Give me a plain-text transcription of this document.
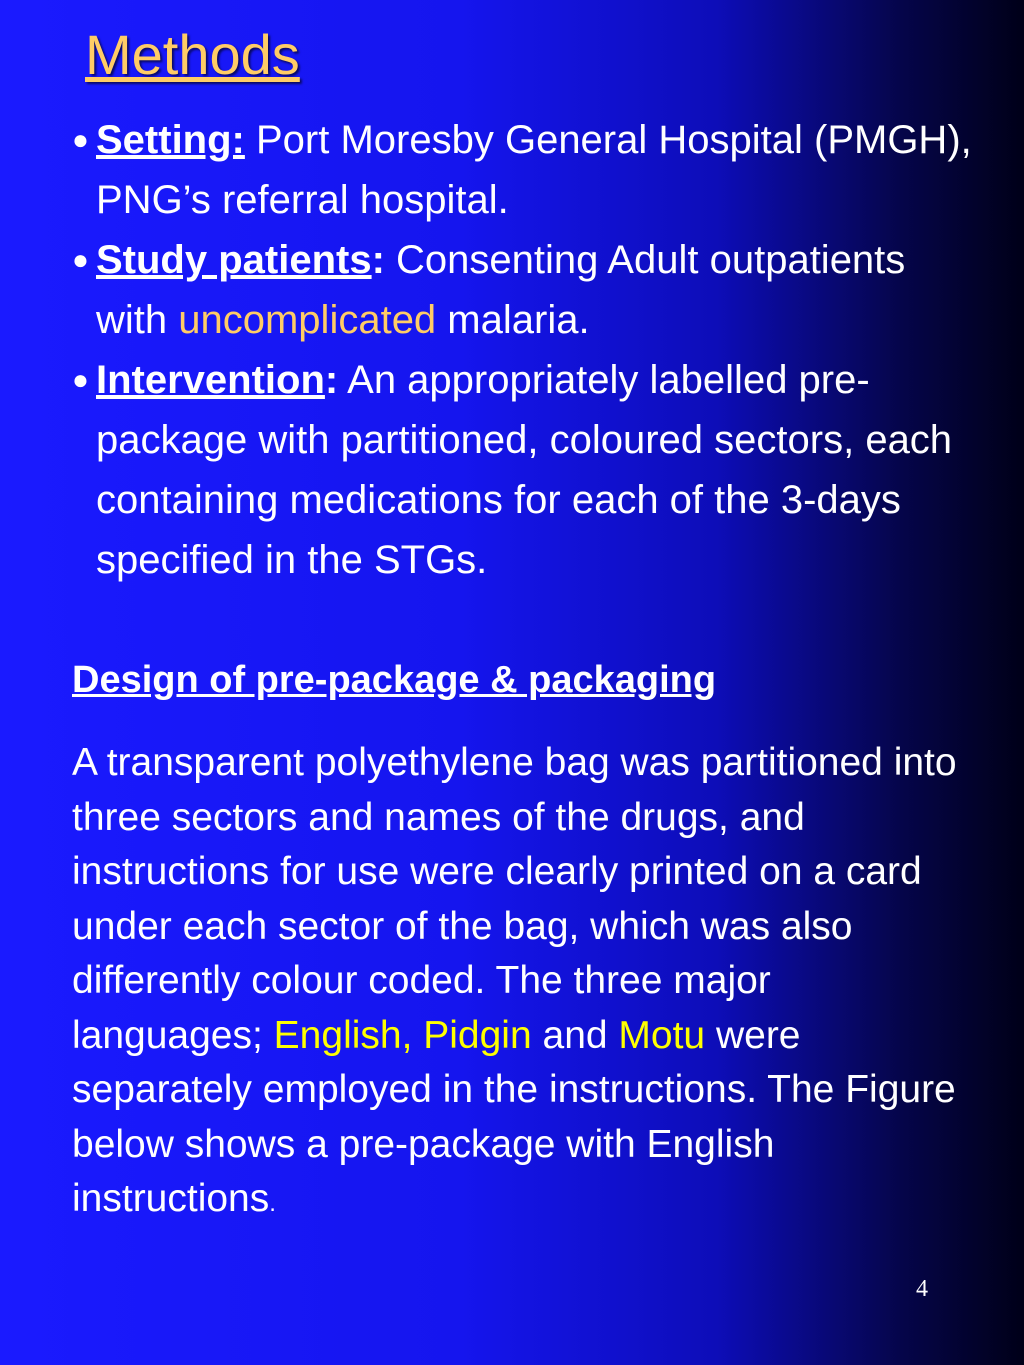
Methods
● Setting: Port Moresby General Hospital (PMGH), PNG’s referral hospital.
● Study patients: Consenting Adult outpatients with uncomplicated malaria.
● Intervention: An appropriately labelled pre-package with partitioned, coloured sectors, each containing medications for each of the 3-days specified in the STGs.
Design of pre-package & packaging

A transparent polyethylene bag was partitioned into three sectors and names of the drugs, and instructions for use were clearly printed on a card under each sector of the bag, which was also differently colour coded. The three major languages; English, Pidgin and Motu were separately employed in the instructions. The Figure below shows a pre-package with English instructions.

4
